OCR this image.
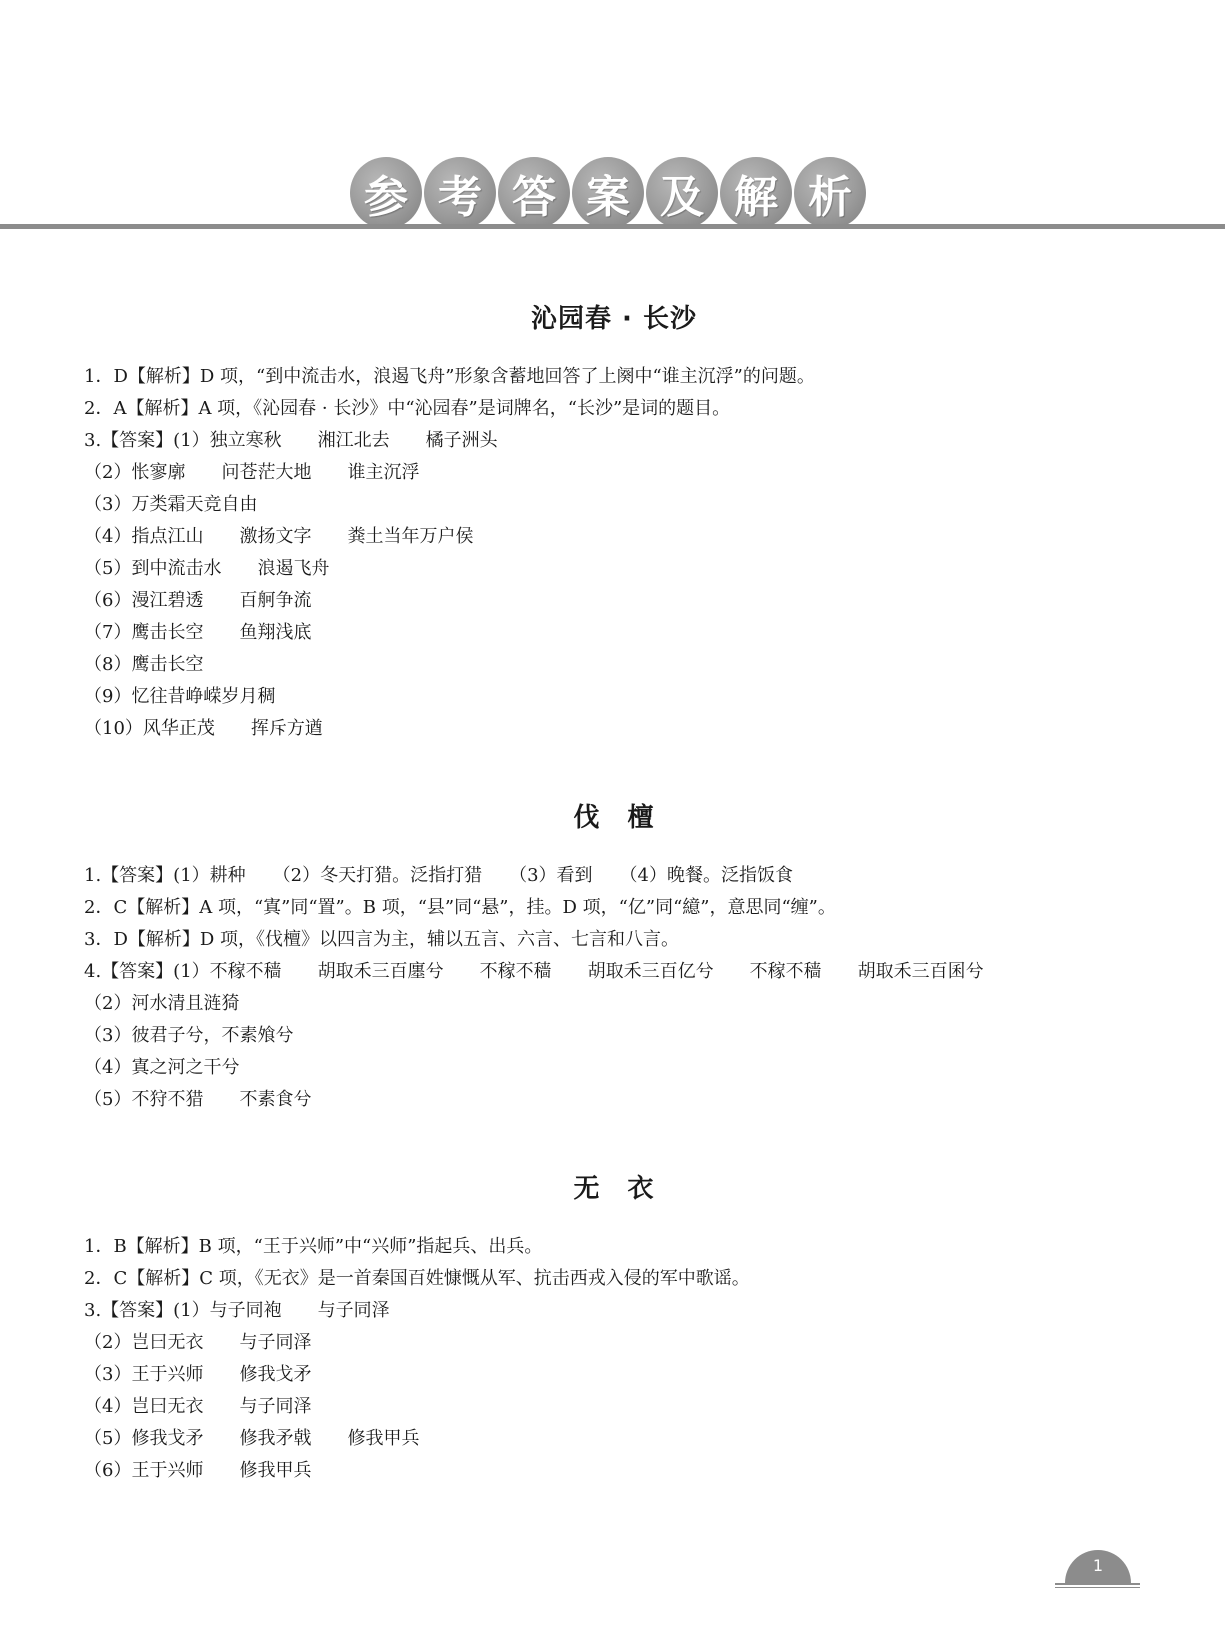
参 考 答 案 及 解 析
沁园春 · 长沙
1．D【解析】D 项，“到中流击水，浪遏飞舟”形象含蓄地回答了上阕中“谁主沉浮”的问题。
2．A【解析】A 项，《沁园春 · 长沙》中“沁园春”是词牌名，“长沙”是词的题目。
3.【答案】(1）独立寒秋　　湘江北去　　橘子洲头
（2）怅寥廓　　问苍茫大地　　谁主沉浮
（3）万类霜天竞自由
（4）指点江山　　激扬文字　　粪土当年万户侯
（5）到中流击水　　浪遏飞舟
（6）漫江碧透　　百舸争流
（7）鹰击长空　　鱼翔浅底
（8）鹰击长空
（9）忆往昔峥嵘岁月稠
（10）风华正茂　　挥斥方遒
伐　檀
1.【答案】(1）耕种　　（2）冬天打猎。泛指打猎　　（3）看到　　（4）晚餐。泛指饭食
2．C【解析】A 项，“寘”同“置”。B 项，“县”同“悬”，挂。D 项，“亿”同“繶”，意思同“缠”。
3．D【解析】D 项，《伐檀》以四言为主，辅以五言、六言、七言和八言。
4.【答案】(1）不稼不穑　　胡取禾三百廛兮　　不稼不穑　　胡取禾三百亿兮　　不稼不穑　　胡取禾三百囷兮
（2）河水清且涟猗
（3）彼君子兮，不素飧兮
（4）寘之河之干兮
（5）不狩不猎　　不素食兮
无　衣
1．B【解析】B 项，“王于兴师”中“兴师”指起兵、出兵。
2．C【解析】C 项，《无衣》是一首秦国百姓慷慨从军、抗击西戎入侵的军中歌谣。
3.【答案】(1）与子同袍　　与子同泽
（2）岂曰无衣　　与子同泽
（3）王于兴师　　修我戈矛
（4）岂曰无衣　　与子同泽
（5）修我戈矛　　修我矛戟　　修我甲兵
（6）王于兴师　　修我甲兵
1
